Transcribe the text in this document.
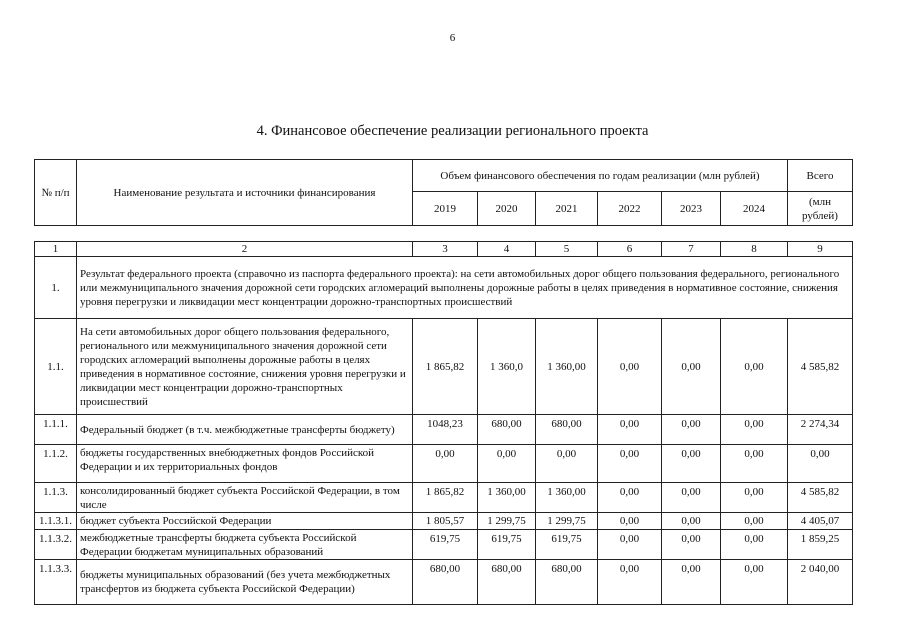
6
4. Финансовое обеспечение реализации регионального проекта
№ п/п	Наименование результата и источники финансирования	Объем финансового обеспечения по годам реализации (млн рублей)						Всего
		2019	2020	2021	2022	2023	2024	(млн рублей)
1	2	3	4	5	6	7	8	9
1.	Результат федерального проекта (справочно из паспорта федерального проекта): на сети автомобильных дорог общего пользования федерального, регионального или межмуниципального значения дорожной сети городских агломераций выполнены дорожные работы в целях приведения в нормативное состояние, снижения уровня перегрузки и ликвидации мест концентрации дорожно-транспортных происшествий							
1.1.	На сети автомобильных дорог общего пользования федерального, регионального или межмуниципального значения дорожной сети городских агломераций выполнены дорожные работы в целях приведения в нормативное состояние, снижения уровня перегрузки и ликвидации мест концентрации дорожно-транспортных происшествий	1 865,82	1 360,0	1 360,00	0,00	0,00	0,00	4 585,82
1.1.1.	Федеральный бюджет (в т.ч. межбюджетные трансферты бюджету)	1048,23	680,00	680,00	0,00	0,00	0,00	2 274,34
1.1.2.	бюджеты государственных внебюджетных фондов Российской Федерации и их территориальных фондов	0,00	0,00	0,00	0,00	0,00	0,00	0,00
1.1.3.	консолидированный бюджет субъекта Российской Федерации, в том числе	1 865,82	1 360,00	1 360,00	0,00	0,00	0,00	4 585,82
1.1.3.1.	бюджет субъекта Российской Федерации	1 805,57	1 299,75	1 299,75	0,00	0,00	0,00	4 405,07
1.1.3.2.	межбюджетные трансферты бюджета субъекта Российской Федерации бюджетам муниципальных образований	619,75	619,75	619,75	0,00	0,00	0,00	1 859,25
1.1.3.3.	бюджеты муниципальных образований (без учета межбюджетных трансфертов из бюджета субъекта Российской Федерации)	680,00	680,00	680,00	0,00	0,00	0,00	2 040,00
